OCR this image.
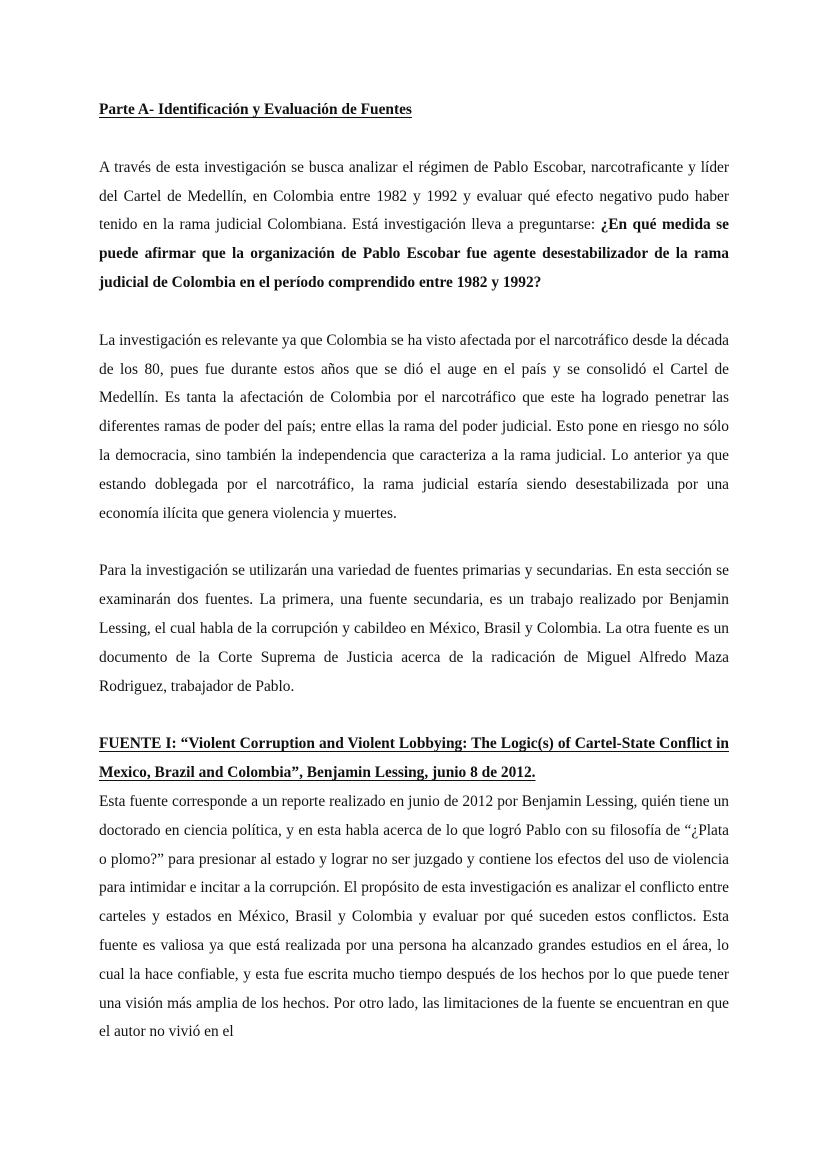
Parte A- Identificación y Evaluación de Fuentes

A través de esta investigación se busca analizar el régimen de Pablo Escobar, narcotraficante y líder del Cartel de Medellín, en Colombia entre 1982 y 1992 y evaluar qué efecto negativo pudo haber tenido en la rama judicial Colombiana. Está investigación lleva a preguntarse: ¿En qué medida se puede afirmar que la organización de Pablo Escobar fue agente desestabilizador de la rama judicial de Colombia en el período comprendido entre 1982 y 1992?

La investigación es relevante ya que Colombia se ha visto afectada por el narcotráfico desde la década de los 80, pues fue durante estos años que se dió el auge en el país y se consolidó el Cartel de Medellín. Es tanta la afectación de Colombia por el narcotráfico que este ha logrado penetrar las diferentes ramas de poder del país; entre ellas la rama del poder judicial. Esto pone en riesgo no sólo la democracia, sino también la independencia que caracteriza a la rama judicial. Lo anterior ya que estando doblegada por el narcotráfico, la rama judicial estaría siendo desestabilizada por una economía ilícita que genera violencia y muertes.

Para la investigación se utilizarán una variedad de fuentes primarias y secundarias. En esta sección se examinarán dos fuentes. La primera, una fuente secundaria, es un trabajo realizado por Benjamin Lessing, el cual habla de la corrupción y cabildeo en México, Brasil y Colombia. La otra fuente es un documento de la Corte Suprema de Justicia acerca de la radicación de Miguel Alfredo Maza Rodriguez, trabajador de Pablo.

FUENTE I: “Violent Corruption and Violent Lobbying: The Logic(s) of Cartel-State Conflict in Mexico, Brazil and Colombia”, Benjamin Lessing, junio 8 de 2012.

Esta fuente corresponde a un reporte realizado en junio de 2012 por Benjamin Lessing, quién tiene un doctorado en ciencia política, y en esta habla acerca de lo que logró Pablo con su filosofía de “¿Plata o plomo?” para presionar al estado y lograr no ser juzgado y contiene los efectos del uso de violencia para intimidar e incitar a la corrupción. El propósito de esta investigación es analizar el conflicto entre carteles y estados en México, Brasil y Colombia y evaluar por qué suceden estos conflictos. Esta fuente es valiosa ya que está realizada por una persona ha alcanzado grandes estudios en el área, lo cual la hace confiable, y esta fue escrita mucho tiempo después de los hechos por lo que puede tener una visión más amplia de los hechos. Por otro lado, las limitaciones de la fuente se encuentran en que el autor no vivió en el
